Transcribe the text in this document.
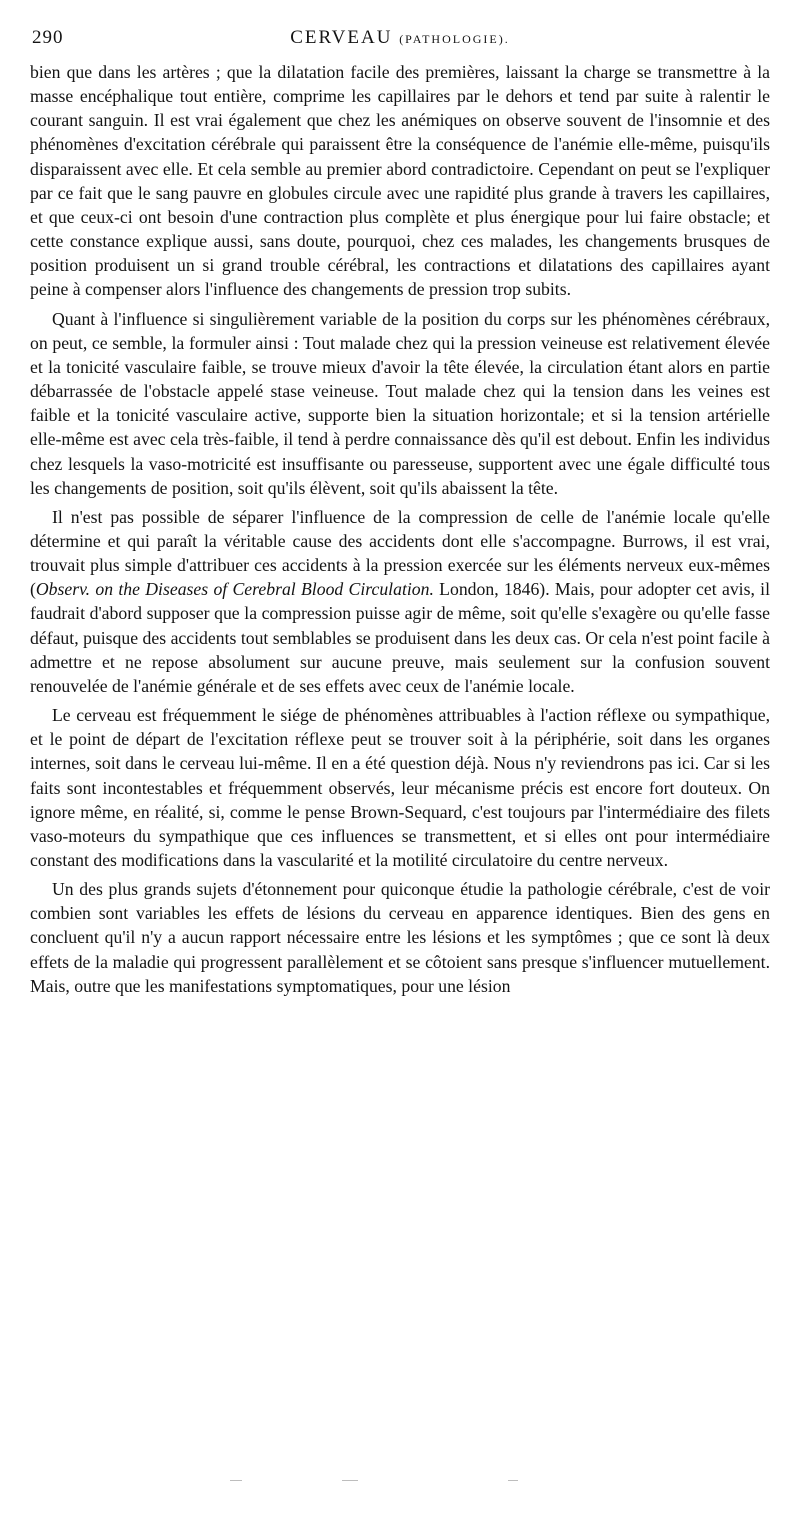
290	CERVEAU (PATHOLOGIE).

bien que dans les artères ; que la dilatation facile des premières, laissant la charge se transmettre à la masse encéphalique tout entière, comprime les capillaires par le dehors et tend par suite à ralentir le courant sanguin. Il est vrai également que chez les anémiques on observe souvent de l'insomnie et des phénomènes d'excitation cérébrale qui paraissent être la conséquence de l'anémie elle-même, puisqu'ils disparaissent avec elle. Et cela semble au premier abord contradictoire. Cependant on peut se l'expliquer par ce fait que le sang pauvre en globules circule avec une rapidité plus grande à travers les capillaires, et que ceux-ci ont besoin d'une contraction plus complète et plus énergique pour lui faire obstacle; et cette constance explique aussi, sans doute, pourquoi, chez ces malades, les changements brusques de position produisent un si grand trouble cérébral, les contractions et dilatations des capillaires ayant peine à compenser alors l'influence des changements de pression trop subits.

Quant à l'influence si singulièrement variable de la position du corps sur les phénomènes cérébraux, on peut, ce semble, la formuler ainsi : Tout malade chez qui la pression veineuse est relativement élevée et la tonicité vasculaire faible, se trouve mieux d'avoir la tête élevée, la circulation étant alors en partie débarrassée de l'obstacle appelé stase veineuse. Tout malade chez qui la tension dans les veines est faible et la tonicité vasculaire active, supporte bien la situation horizontale; et si la tension artérielle elle-même est avec cela très-faible, il tend à perdre connaissance dès qu'il est debout. Enfin les individus chez lesquels la vaso-motricité est insuffisante ou paresseuse, supportent avec une égale difficulté tous les changements de position, soit qu'ils élèvent, soit qu'ils abaissent la tête.

Il n'est pas possible de séparer l'influence de la compression de celle de l'anémie locale qu'elle détermine et qui paraît la véritable cause des accidents dont elle s'accompagne. Burrows, il est vrai, trouvait plus simple d'attribuer ces accidents à la pression exercée sur les éléments nerveux eux-mêmes (Observ. on the Diseases of Cerebral Blood Circulation. London, 1846). Mais, pour adopter cet avis, il faudrait d'abord supposer que la compression puisse agir de même, soit qu'elle s'exagère ou qu'elle fasse défaut, puisque des accidents tout semblables se produisent dans les deux cas. Or cela n'est point facile à admettre et ne repose absolument sur aucune preuve, mais seulement sur la confusion souvent renouvelée de l'anémie générale et de ses effets avec ceux de l'anémie locale.

Le cerveau est fréquemment le siége de phénomènes attribuables à l'action réflexe ou sympathique, et le point de départ de l'excitation réflexe peut se trouver soit à la périphérie, soit dans les organes internes, soit dans le cerveau lui-même. Il en a été question déjà. Nous n'y reviendrons pas ici. Car si les faits sont incontestables et fréquemment observés, leur mécanisme précis est encore fort douteux. On ignore même, en réalité, si, comme le pense Brown-Sequard, c'est toujours par l'intermédiaire des filets vaso-moteurs du sympathique que ces influences se transmettent, et si elles ont pour intermédiaire constant des modifications dans la vascularité et la motilité circulatoire du centre nerveux.

Un des plus grands sujets d'étonnement pour quiconque étudie la pathologie cérébrale, c'est de voir combien sont variables les effets de lésions du cerveau en apparence identiques. Bien des gens en concluent qu'il n'y a aucun rapport nécessaire entre les lésions et les symptômes ; que ce sont là deux effets de la maladie qui progressent parallèlement et se côtoient sans presque s'influencer mutuellement. Mais, outre que les manifestations symptomatiques, pour une lésion
